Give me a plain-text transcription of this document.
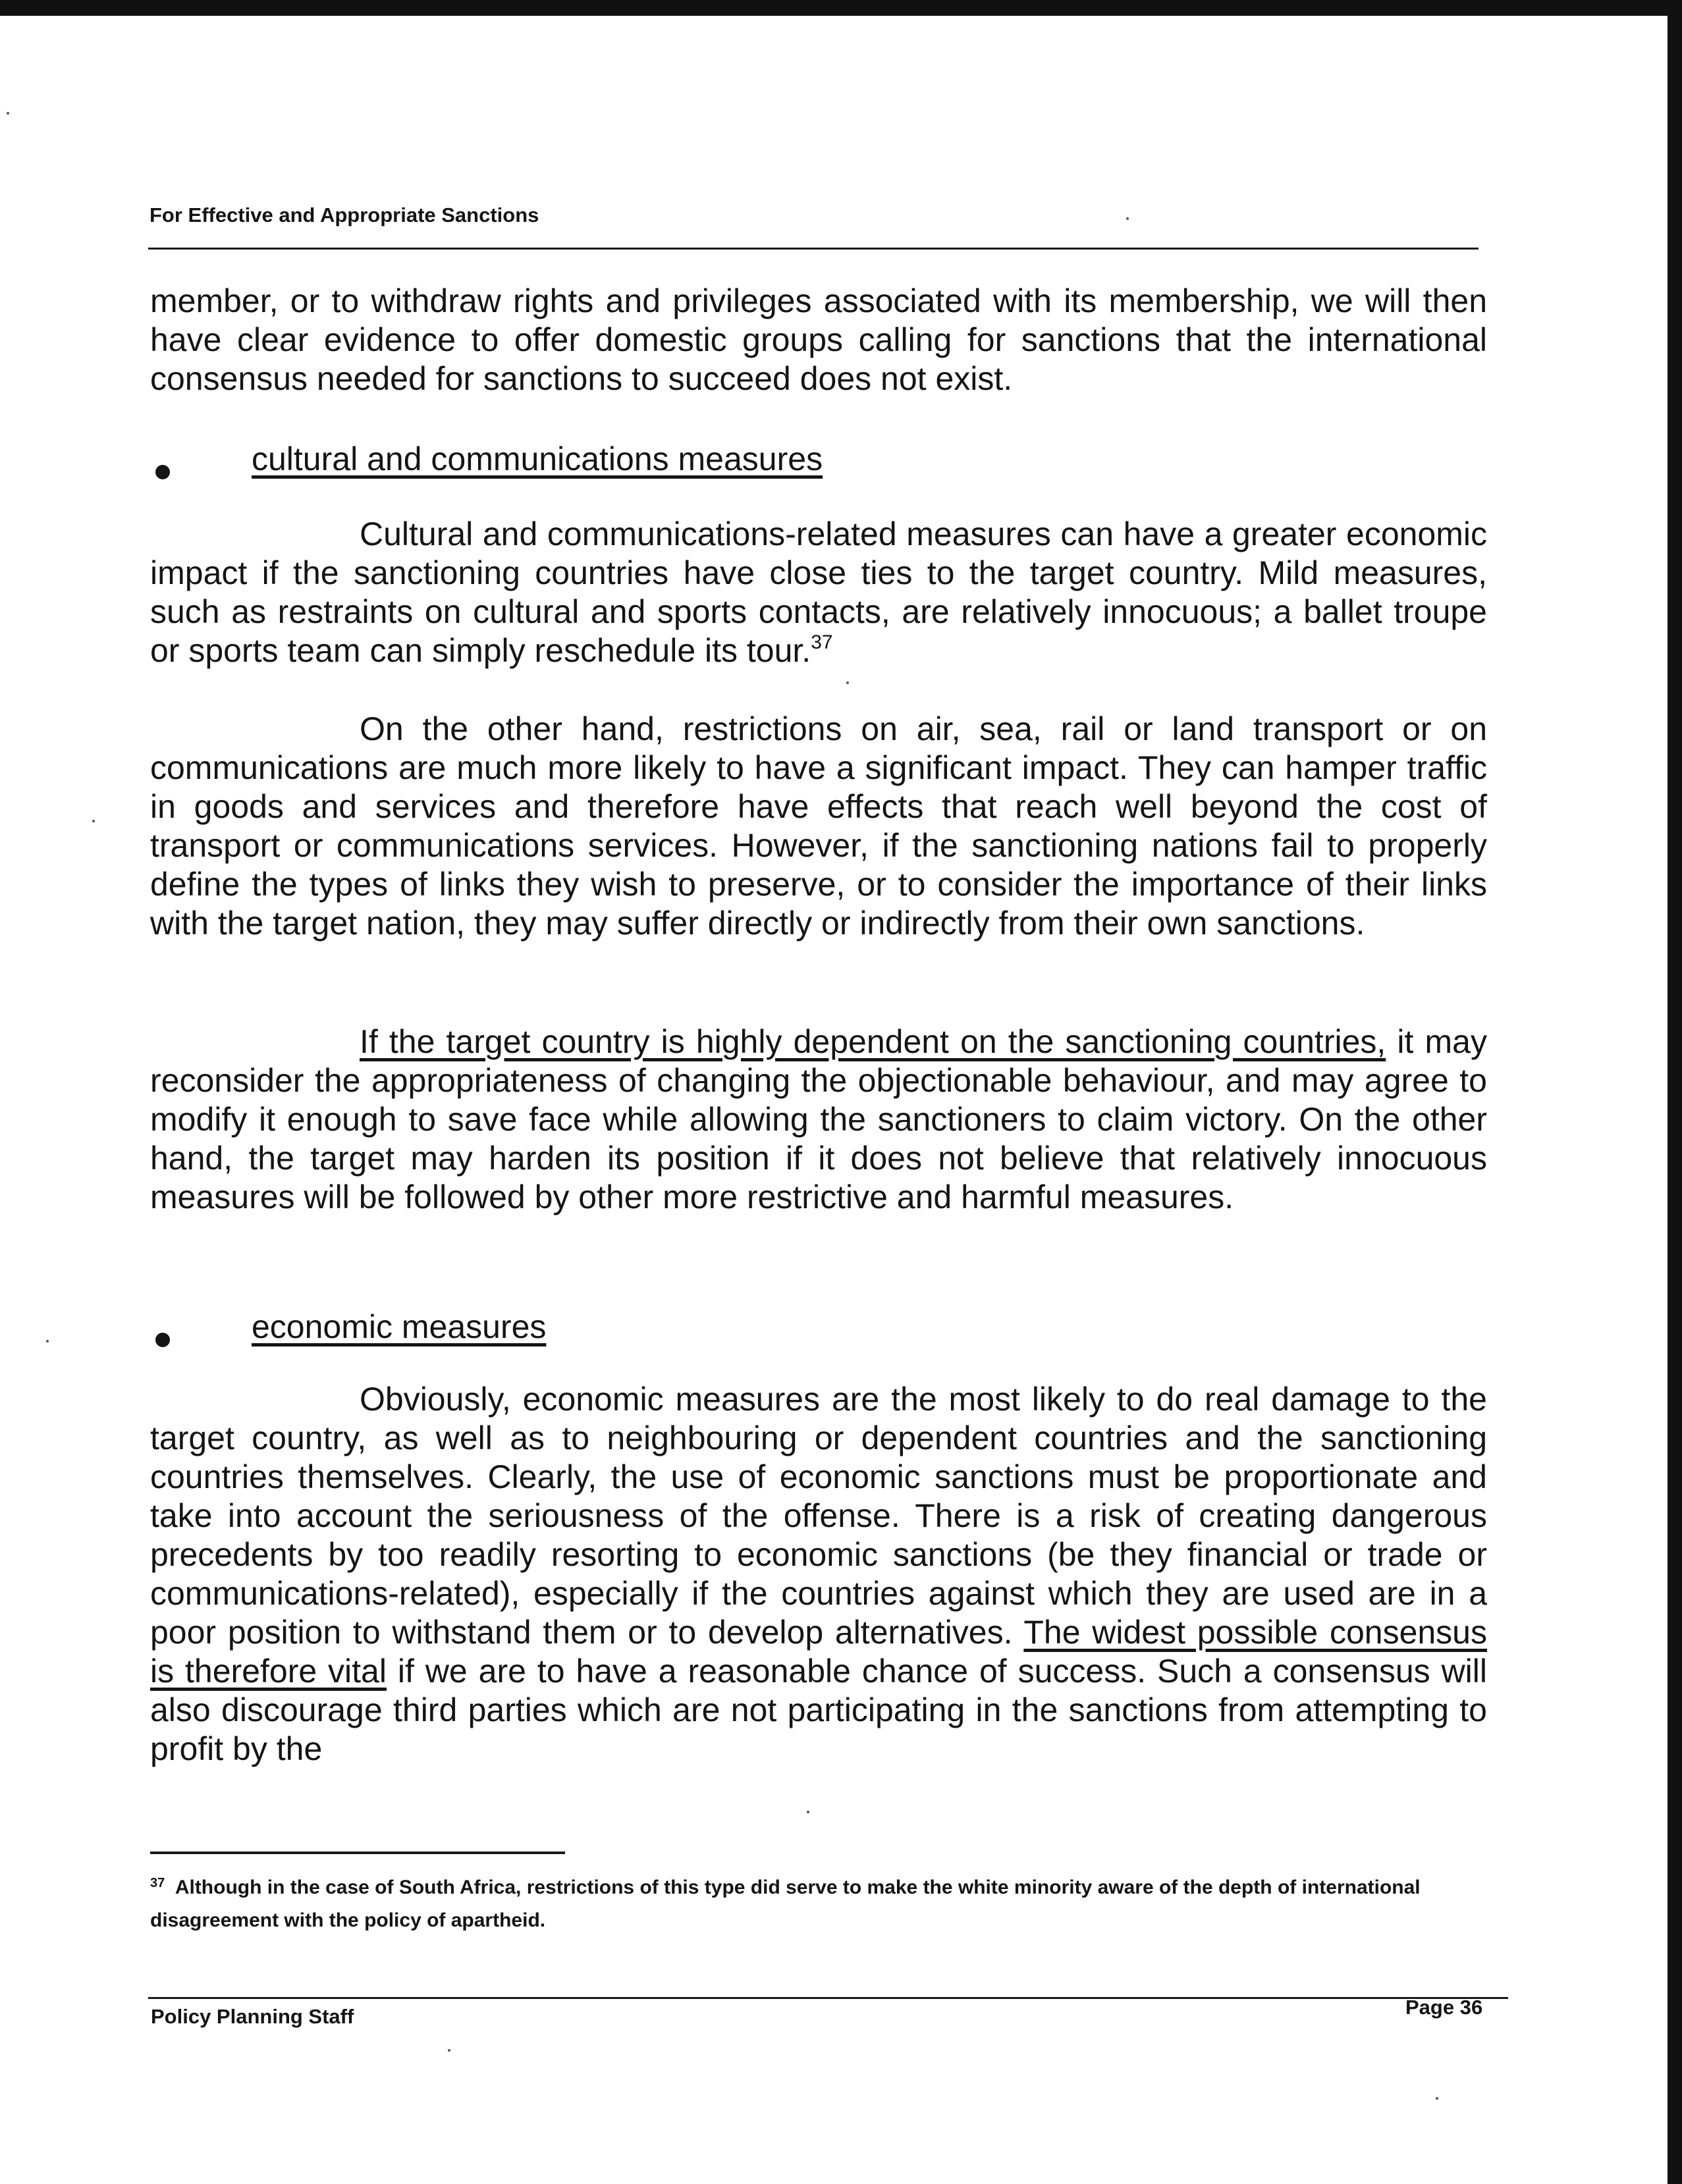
For Effective and Appropriate Sanctions
member, or to withdraw rights and privileges associated with its membership, we will then have clear evidence to offer domestic groups calling for sanctions that the international consensus needed for sanctions to succeed does not exist.
cultural and communications measures
Cultural and communications-related measures can have a greater economic impact if the sanctioning countries have close ties to the target country. Mild measures, such as restraints on cultural and sports contacts, are relatively innocuous; a ballet troupe or sports team can simply reschedule its tour.$^{37}$
On the other hand, restrictions on air, sea, rail or land transport or on communications are much more likely to have a significant impact. They can hamper traffic in goods and services and therefore have effects that reach well beyond the cost of transport or communications services. However, if the sanctioning nations fail to properly define the types of links they wish to preserve, or to consider the importance of their links with the target nation, they may suffer directly or indirectly from their own sanctions.
If the target country is highly dependent on the sanctioning countries, it may reconsider the appropriateness of changing the objectionable behaviour, and may agree to modify it enough to save face while allowing the sanctioners to claim victory. On the other hand, the target may harden its position if it does not believe that relatively innocuous measures will be followed by other more restrictive and harmful measures.
economic measures
Obviously, economic measures are the most likely to do real damage to the target country, as well as to neighbouring or dependent countries and the sanctioning countries themselves. Clearly, the use of economic sanctions must be proportionate and take into account the seriousness of the offense. There is a risk of creating dangerous precedents by too readily resorting to economic sanctions (be they financial or trade or communications-related), especially if the countries against which they are used are in a poor position to withstand them or to develop alternatives. The widest possible consensus is therefore vital if we are to have a reasonable chance of success. Such a consensus will also discourage third parties which are not participating in the sanctions from attempting to profit by the
$^{37}$ Although in the case of South Africa, restrictions of this type did serve to make the white minority aware of the depth of international disagreement with the policy of apartheid.
Policy Planning Staff	Page 36
